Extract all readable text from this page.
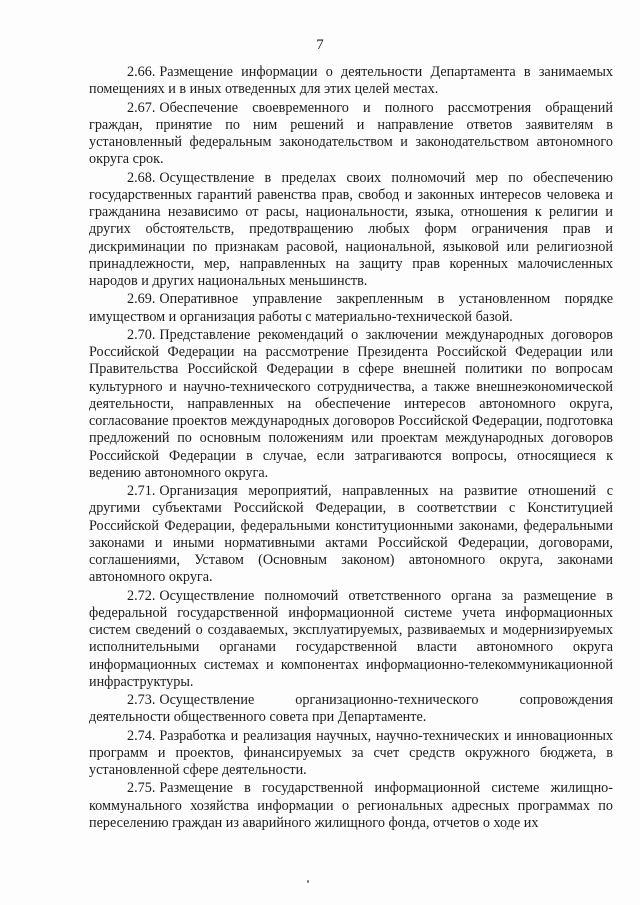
7

2.66. Размещение информации о деятельности Департамента в занимаемых помещениях и в иных отведенных для этих целей местах.

2.67. Обеспечение своевременного и полного рассмотрения обращений граждан, принятие по ним решений и направление ответов заявителям в установленный федеральным законодательством и законодательством автономного округа срок.

2.68. Осуществление в пределах своих полномочий мер по обеспечению государственных гарантий равенства прав, свобод и законных интересов человека и гражданина независимо от расы, национальности, языка, отношения к религии и других обстоятельств, предотвращению любых форм ограничения прав и дискриминации по признакам расовой, национальной, языковой или религиозной принадлежности, мер, направленных на защиту прав коренных малочисленных народов и других национальных меньшинств.

2.69. Оперативное управление закрепленным в установленном порядке имуществом и организация работы с материально-технической базой.

2.70. Представление рекомендаций о заключении международных договоров Российской Федерации на рассмотрение Президента Российской Федерации или Правительства Российской Федерации в сфере внешней политики по вопросам культурного и научно-технического сотрудничества, а также внешнеэкономической деятельности, направленных на обеспечение интересов автономного округа, согласование проектов международных договоров Российской Федерации, подготовка предложений по основным положениям или проектам международных договоров Российской Федерации в случае, если затрагиваются вопросы, относящиеся к ведению автономного округа.

2.71. Организация мероприятий, направленных на развитие отношений с другими субъектами Российской Федерации, в соответствии с Конституцией Российской Федерации, федеральными конституционными законами, федеральными законами и иными нормативными актами Российской Федерации, договорами, соглашениями, Уставом (Основным законом) автономного округа, законами автономного округа.

2.72. Осуществление полномочий ответственного органа за размещение в федеральной государственной информационной системе учета информационных систем сведений о создаваемых, эксплуатируемых, развиваемых и модернизируемых исполнительными органами государственной власти автономного округа информационных системах и компонентах информационно-телекоммуникационной инфраструктуры.

2.73. Осуществление организационно-технического сопровождения деятельности общественного совета при Департаменте.

2.74. Разработка и реализация научных, научно-технических и инновационных программ и проектов, финансируемых за счет средств окружного бюджета, в установленной сфере деятельности.

2.75. Размещение в государственной информационной системе жилищно-коммунального хозяйства информации о региональных адресных программах по переселению граждан из аварийного жилищного фонда, отчетов о ходе их
